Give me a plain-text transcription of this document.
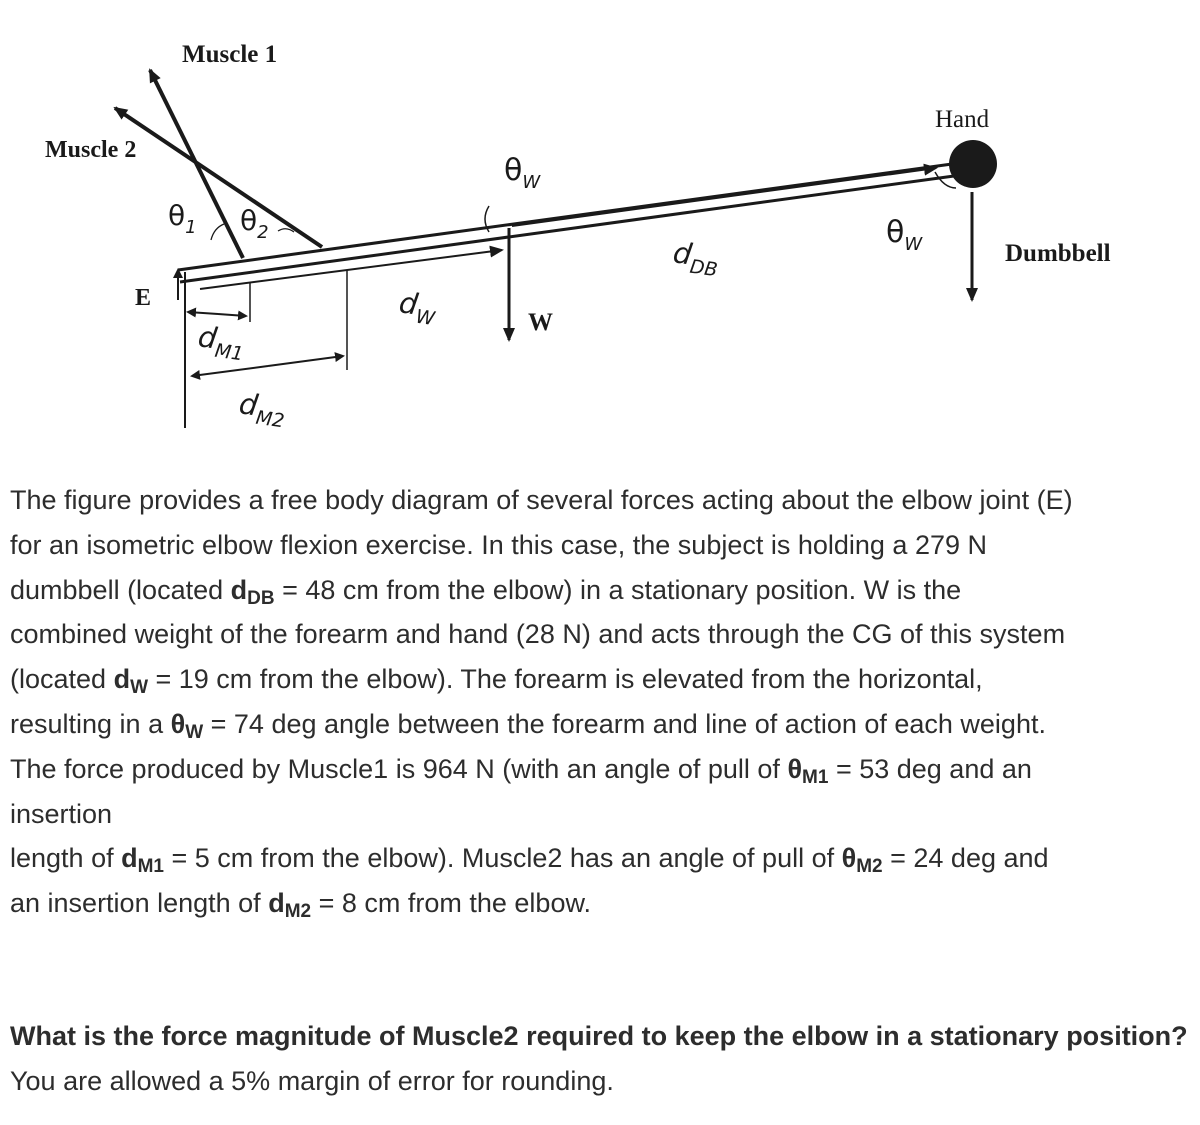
E
Muscle 1
Muscle 2
$\theta_1$ $\theta_2$
$d_W$
$d_{DB}$
W
$\theta_W$
Hand
$\theta_W$	Dumbbell
$d_{M1}$
$d_{M2}$

The figure provides a free body diagram of several forces acting about the elbow joint (E)

for an isometric elbow flexion exercise. In this case, the subject is holding a 279 N

dumbbell (located $d_{DB} = 48$ cm from the elbow) in a stationary position. W is the

combined weight of the forearm and hand (28 N) and acts through the CG of this system

(located $d_W = 19$ cm from the elbow). The forearm is elevated from the horizontal,

resulting in a $\theta_W = 74$ deg angle between the forearm and line of action of each weight.

The force produced by Muscle1 is 964 N (with an angle of pull of $\theta_{M1} = 53$ deg and an

insertion

length of $d_{M1} = 5$ cm from the elbow). Muscle2 has an angle of pull of $\theta_{M2} = 24$ deg and

an insertion length of $d_{M2} = 8$ cm from the elbow.

What is the force magnitude of Muscle2 required to keep the elbow in a stationary position? You are allowed a 5% margin of error for rounding.
